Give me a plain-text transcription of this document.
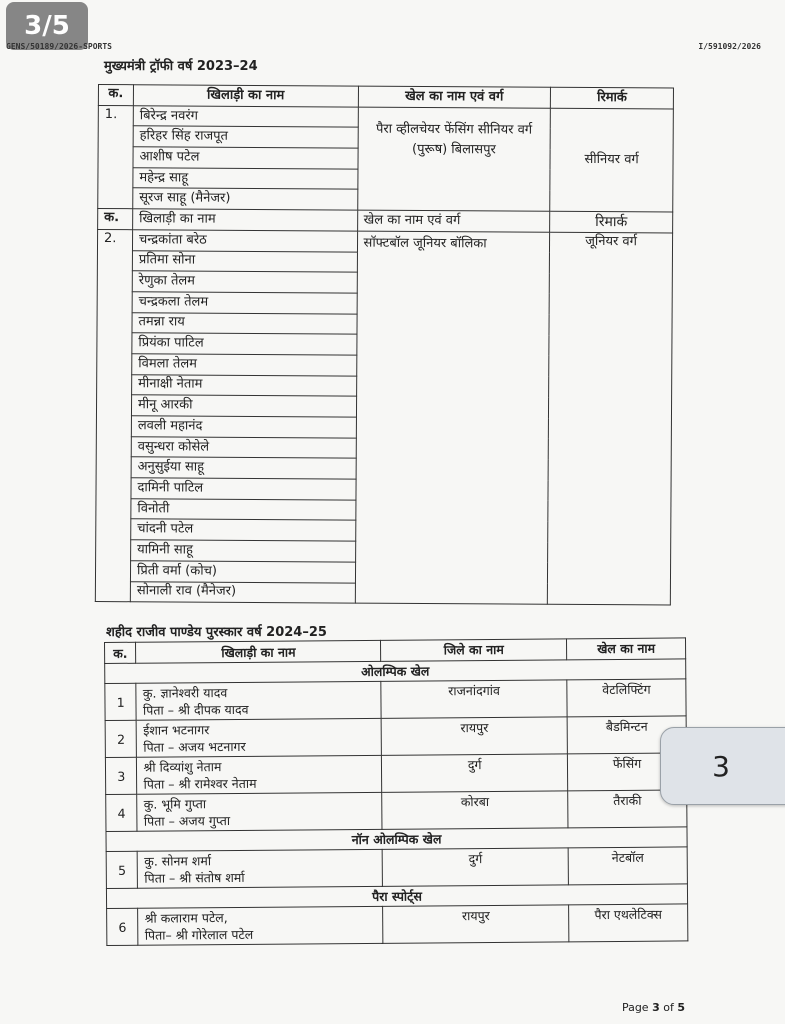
3/5
GENS/50189/2026-SPORTS	I/591092/2026
मुख्यमंत्री ट्रॉफी वर्ष 2023–24
क.	खिलाड़ी का नाम	खेल का नाम एवं वर्ग	रिमार्क
1.	बिरेन्द्र नवरंग	पैरा व्हीलचेयर फेंसिंग सीनियर वर्ग (पुरूष) बिलासपुर	सीनियर वर्ग
	हरिहर सिंह राजपूत		
	आशीष पटेल		
	महेन्द्र साहू		
	सूरज साहू (मैनेजर)		
क.	खिलाड़ी का नाम	खेल का नाम एवं वर्ग	रिमार्क
2.	चन्द्रकांता बरेठ	सॉफ्टबॉल जूनियर बॉलिका	जूनियर वर्ग
	प्रतिमा सोना		
	रेणुका तेलम		
	चन्द्रकला तेलम		
	तमन्ना राय		
	प्रियंका पाटिल		
	विमला तेलम		
	मीनाक्षी नेताम		
	मीनू आरकी		
	लवली महानंद		
	वसुन्धरा कोसेले		
	अनुसुईया साहू		
	दामिनी पाटिल		
	विनोती		
	चांदनी पटेल		
	यामिनी साहू		
	प्रिती वर्मा (कोच)		
	सोनाली राव (मैनेजर)		
शहीद राजीव पाण्डेय पुरस्कार वर्ष 2024–25
क.	खिलाड़ी का नाम	जिले का नाम	खेल का नाम
ओलम्पिक खेल			
1	कु. ज्ञानेश्वरी यादव
पिता – श्री दीपक यादव	राजनांदगांव	वेटलिफ्टिंग
2	ईशान भटनागर
पिता – अजय भटनागर	रायपुर	बैडमिन्टन
3	श्री दिव्यांशु नेताम
पिता – श्री रामेश्वर नेताम	दुर्ग	फेंसिंग
4	कु. भूमि गुप्ता
पिता – अजय गुप्ता	कोरबा	तैराकी
नॉन ओलम्पिक खेल			
5	कु. सोनम शर्मा
पिता – श्री संतोष शर्मा	दुर्ग	नेटबॉल
पैरा स्पोर्ट्स			
6	श्री कलाराम पटेल,
पिता– श्री गोरेलाल पटेल	रायपुर	पैरा एथलेटिक्स
3
Page 3 of 5
